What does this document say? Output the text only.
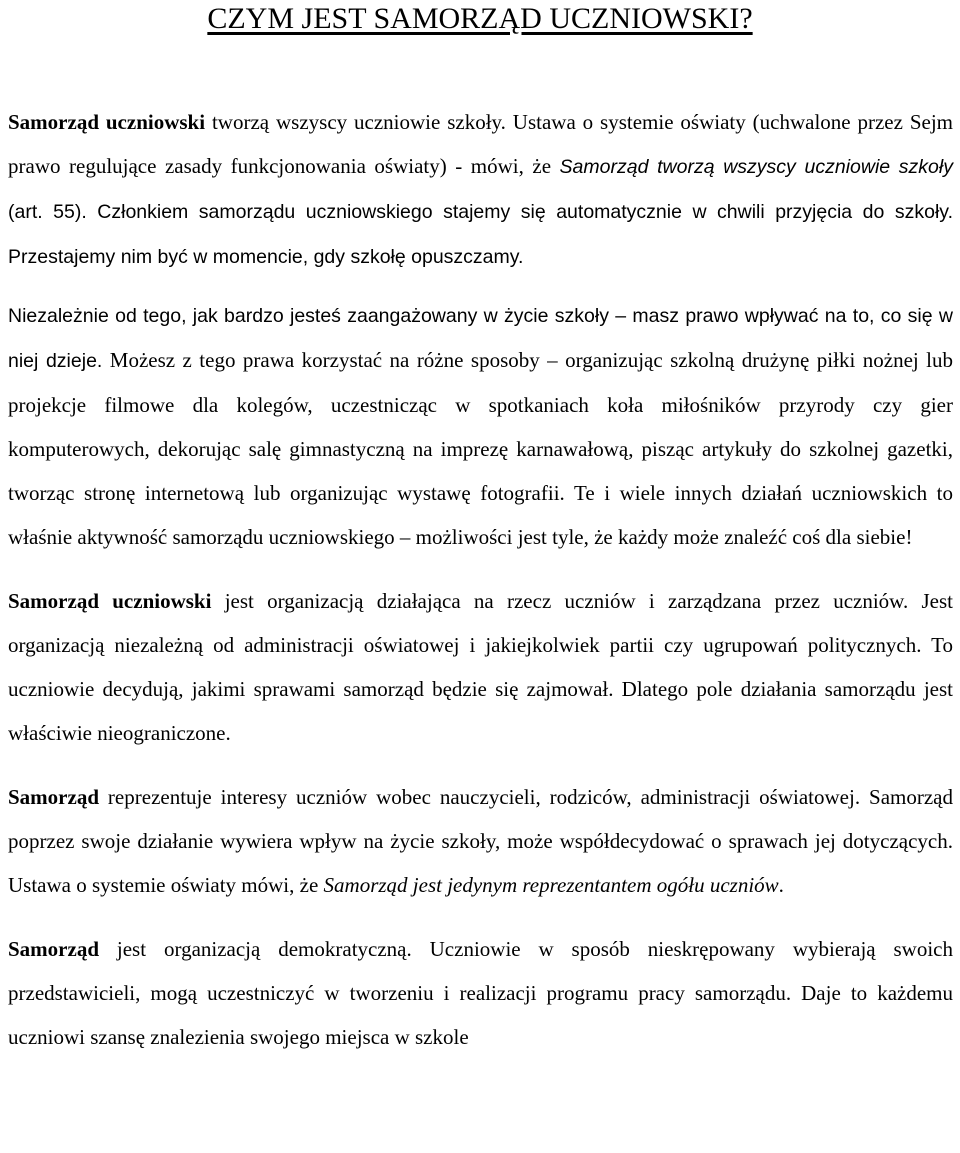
CZYM JEST SAMORZĄD UCZNIOWSKI?

Samorząd uczniowski tworzą wszyscy uczniowie szkoły. Ustawa o systemie oświaty (uchwalone przez Sejm prawo regulujące zasady funkcjonowania oświaty) - mówi, że Samorząd tworzą wszyscy uczniowie szkoły (art. 55). Członkiem samorządu uczniowskiego stajemy się automatycznie w chwili przyjęcia do szkoły. Przestajemy nim być w momencie, gdy szkołę opuszczamy.

Niezależnie od tego, jak bardzo jesteś zaangażowany w życie szkoły – masz prawo wpływać na to, co się w niej dzieje. Możesz z tego prawa korzystać na różne sposoby – organizując szkolną drużynę piłki nożnej lub projekcje filmowe dla kolegów, uczestnicząc w spotkaniach koła miłośników przyrody czy gier komputerowych, dekorując salę gimnastyczną na imprezę karnawałową, pisząc artykuły do szkolnej gazetki, tworząc stronę internetową lub organizując wystawę fotografii. Te i wiele innych działań uczniowskich to właśnie aktywność samorządu uczniowskiego – możliwości jest tyle, że każdy może znaleźć coś dla siebie!

Samorząd uczniowski jest organizacją działająca na rzecz uczniów i zarządzana przez uczniów. Jest organizacją niezależną od administracji oświatowej i jakiejkolwiek partii czy ugrupowań politycznych. To uczniowie decydują, jakimi sprawami samorząd będzie się zajmował. Dlatego pole działania samorządu jest właściwie nieograniczone.

Samorząd reprezentuje interesy uczniów wobec nauczycieli, rodziców, administracji oświatowej. Samorząd poprzez swoje działanie wywiera wpływ na życie szkoły, może współdecydować o sprawach jej dotyczących. Ustawa o systemie oświaty mówi, że Samorząd jest jedynym reprezentantem ogółu uczniów.

Samorząd jest organizacją demokratyczną. Uczniowie w sposób nieskrępowany wybierają swoich przedstawicieli, mogą uczestniczyć w tworzeniu i realizacji programu pracy samorządu. Daje to każdemu uczniowi szansę znalezienia swojego miejsca w szkole
